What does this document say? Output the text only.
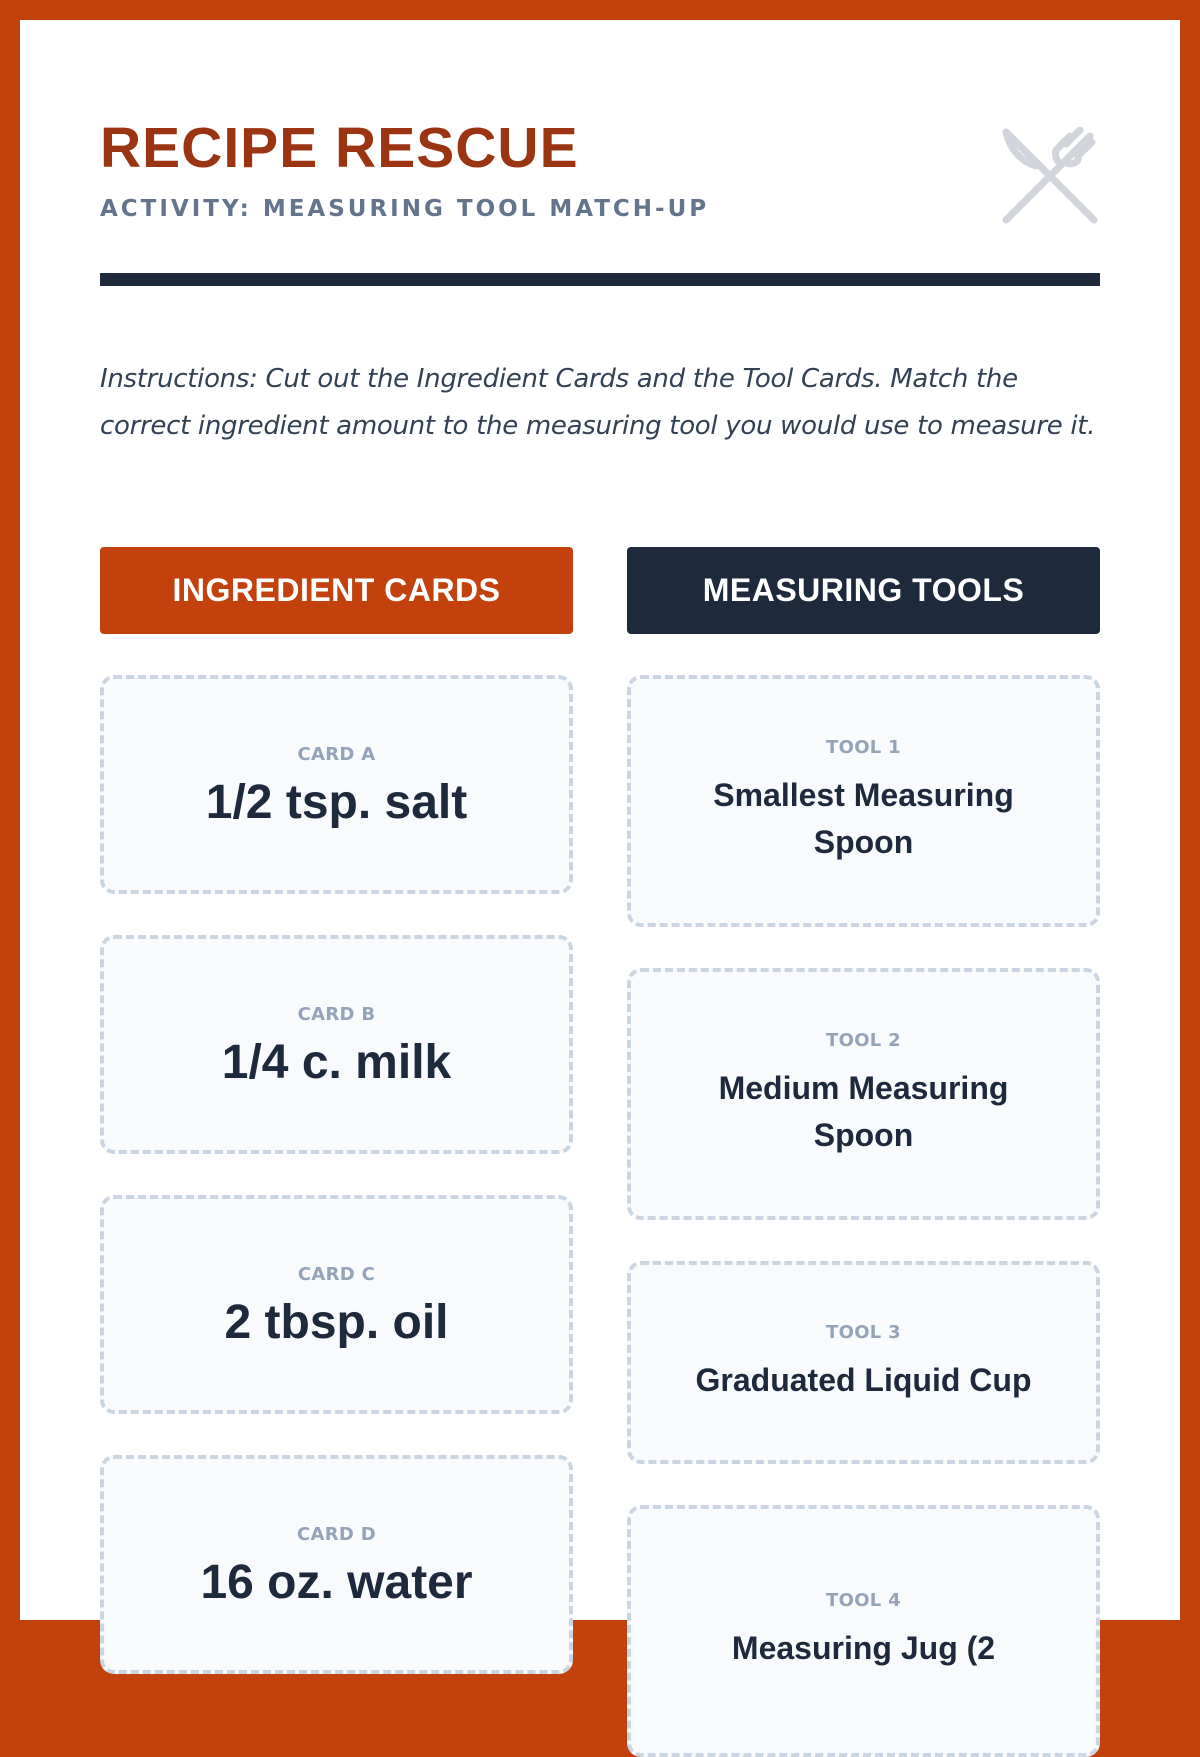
RECIPE RESCUE
ACTIVITY: MEASURING TOOL MATCH-UP

Instructions: Cut out the Ingredient Cards and the Tool Cards. Match the correct ingredient amount to the measuring tool you would use to measure it.

INGREDIENT CARDS
CARD A
1/2 tsp. salt
CARD B
1/4 c. milk
CARD C
2 tbsp. oil
CARD D
16 oz. water
MEASURING TOOLS
TOOL 1
Smallest Measuring Spoon
TOOL 2
Medium Measuring Spoon
TOOL 3
Graduated Liquid Cup
TOOL 4
Measuring Jug (2
